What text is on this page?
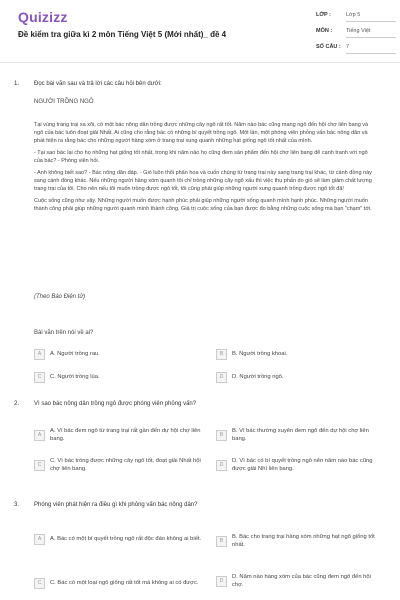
Quizizz
Đề kiểm tra giữa kì 2 môn Tiếng Việt 5 (Mới nhất)_ đề 4
LỚP :	Lớp 5
MÔN :	Tiếng Việt
SỐ CÂU : 7
1.	Đọc bài văn sau và trả lời các câu hỏi bên dưới:
NGƯỜI TRỒNG NGÔ

Tại vùng trang trại xa xôi, có một bác nông dân trồng được những cây ngô rất tốt. Năm nào bác cũng mang ngô đến hội chợ liên bang và ngô của bác luôn đoạt giải Nhất. Ai cũng cho rằng bác có những bí quyết trồng ngô. Một lần, một phóng viên phỏng vấn bác nông dân và phát hiện ra rằng bác cho những người hàng xóm ở trang trại xung quanh những hạt giống ngô tốt nhất của mình.

- Tại sao bác lại cho họ những hạt giống tốt nhất, trong khi năm nào họ cũng đem sản phẩm đến hội chợ liên bang để cạnh tranh với ngô của bác? - Phóng viên hỏi.

- Anh không biết sao? - Bác nông dân đáp. - Gió luôn thổi phấn hoa và cuốn chúng từ trang trại này sang trang trại khác, từ cánh đồng này sang cánh đồng khác. Nếu những người hàng xóm quanh tôi chỉ trồng những cây ngô xấu thì việc thụ phấn do gió sẽ làm giảm chất lượng trang trại của tôi. Cho nên nếu tôi muốn trồng được ngô tốt, tôi cũng phải giúp những người xung quanh trồng được ngô tốt đã!

Cuộc sống cũng như vậy. Những người muốn được hạnh phúc phải giúp những người sống quanh mình hạnh phúc. Những người muốn thành công phải giúp những người quanh mình thành công. Giá trị cuộc sống của bạn được đo bằng những cuộc sống mà bạn "chạm" tới.

(Theo Báo Điện tử)
Bài văn trên nói về ai?
A	A. Người trồng rau.	B	B. Người trồng khoai.
C	C. Người trồng lúa.	D	D. Người trồng ngô.
2.	Vì sao bác nông dân trồng ngô được phóng viên phỏng vấn?
A
A. Vì bác đem ngô từ trang trại rất gần đến dự hội chợ liên bang.
B
B. Vì bác thường xuyên đem ngô đến dự hội chợ liên bang.
C
C. Vì bác trồng được những cây ngô tốt, đoạt giải Nhất hội chợ liên bang.
D
D. Vì bác có bí quyết trồng ngô nên năm nào bác cũng được giải Nhì liên bang.
3.	Phóng viên phát hiện ra điều gì khi phỏng vấn bác nông dân?
A	A. Bác có một bí quyết trồng ngô rất độc đáo không ai biết.	B
B. Bác cho trang trại hàng xóm những hạt ngô giống tốt nhất.
C	C. Bác có một loại ngô giống rất tốt mà không ai có được.	D
D. Năm nào hàng xóm của bác cũng đem ngô đến hội chợ.
